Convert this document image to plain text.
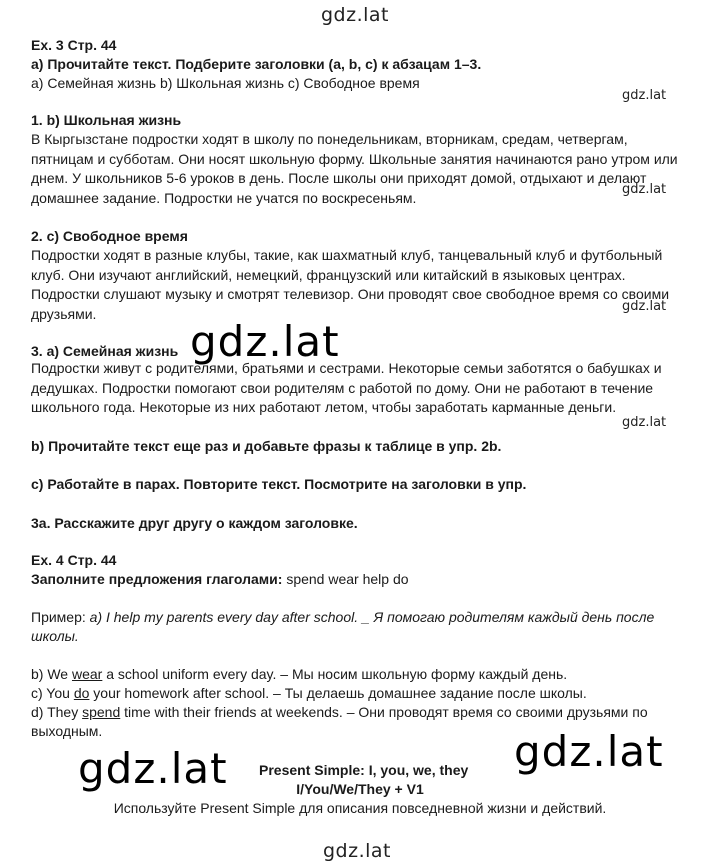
gdz.lat
gdz.lat
gdz.lat
gdz.lat
gdz.lat
gdz.lat
gdz.lat	gdz.lat
gdz.lat
Ex. 3 Стр. 44
a) Прочитайте текст. Подберите заголовки (a, b, c) к абзацам 1–3.
a) Семейная жизнь b) Школьная жизнь c) Свободное время
1. b) Школьная жизнь
В Кыргызстане подростки ходят в школу по понедельникам, вторникам, средам, четвергам,
пятницам и субботам. Они носят школьную форму. Школьные занятия начинаются рано утром или
днем. У школьников 5-6 уроков в день. После школы они приходят домой, отдыхают и делают
домашнее задание. Подростки не учатся по воскресеньям.
2. c) Свободное время
Подростки ходят в разные клубы, такие, как шахматный клуб, танцевальный клуб и футбольный
клуб. Они изучают английский, немецкий, французский или китайский в языковых центрах.
Подростки слушают музыку и смотрят телевизор. Они проводят свое свободное время со своими
друзьями.
3. a) Семейная жизнь
Подростки живут с родителями, братьями и сестрами. Некоторые семьи заботятся о бабушках и
дедушках. Подростки помогают свои родителям с работой по дому. Они не работают в течение
школьного года. Некоторые из них работают летом, чтобы заработать карманные деньги.
b) Прочитайте текст еще раз и добавьте фразы к таблице в упр. 2b.
c) Работайте в парах. Повторите текст. Посмотрите на заголовки в упр.
3a. Расскажите друг другу о каждом заголовке.
Ex. 4 Стр. 44
Заполните предложения глаголами: spend wear help do
Пример: a) I help my parents every day after school. _ Я помогаю родителям каждый день после
школы.
b) We wear a school uniform every day. – Мы носим школьную форму каждый день.
c) You do your homework after school. – Ты делаешь домашнее задание после школы.
d) They spend time with their friends at weekends. – Они проводят время со своими друзьями по
выходным.
Present Simple: I, you, we, they
I/You/We/They + V1
Используйте Present Simple для описания повседневной жизни и действий.
